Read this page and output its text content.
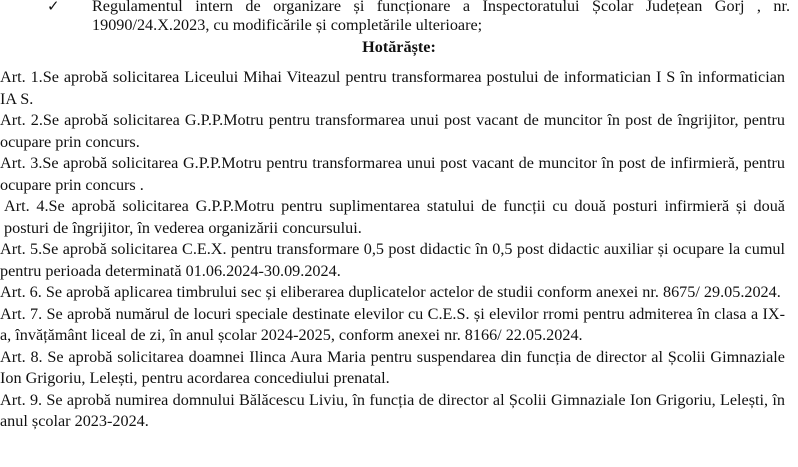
✓ Regulamentul intern de organizare și funcționare a Inspectoratului Școlar Județean Gorj , nr.
19090/24.X.2023, cu modificările și completările ulterioare;
Hotărăște:

Art. 1.Se aprobă solicitarea Liceului Mihai Viteazul pentru transformarea postului de informatician I S în informatician IA S.

Art. 2.Se aprobă solicitarea G.P.P.Motru pentru transformarea unui post vacant de muncitor în post de îngrijitor, pentru ocupare prin concurs.

Art. 3.Se aprobă solicitarea G.P.P.Motru pentru transformarea unui post vacant de muncitor în post de infirmieră, pentru ocupare prin concurs .

Art. 4.Se aprobă solicitarea G.P.P.Motru pentru suplimentarea statului de funcții cu două posturi infirmieră și două posturi de îngrijitor, în vederea organizării concursului.

Art. 5.Se aprobă solicitarea C.E.X. pentru transformare 0,5 post didactic în 0,5 post didactic auxiliar și ocupare la cumul pentru perioada determinată 01.06.2024-30.09.2024.

Art. 6. Se aprobă aplicarea timbrului sec și eliberarea duplicatelor actelor de studii conform anexei nr. 8675/ 29.05.2024.

Art. 7. Se aprobă numărul de locuri speciale destinate elevilor cu C.E.S. și elevilor rromi pentru admiterea în clasa a IX-a, învățământ liceal de zi, în anul școlar 2024-2025, conform anexei nr. 8166/ 22.05.2024.

Art. 8. Se aprobă solicitarea doamnei Ilinca Aura Maria pentru suspendarea din funcția de director al Școlii Gimnaziale Ion Grigoriu, Lelești, pentru acordarea concediului prenatal.

Art. 9. Se aprobă numirea domnului Bălăcescu Liviu, în funcția de director al Școlii Gimnaziale Ion Grigoriu, Lelești, în anul școlar 2023-2024.
